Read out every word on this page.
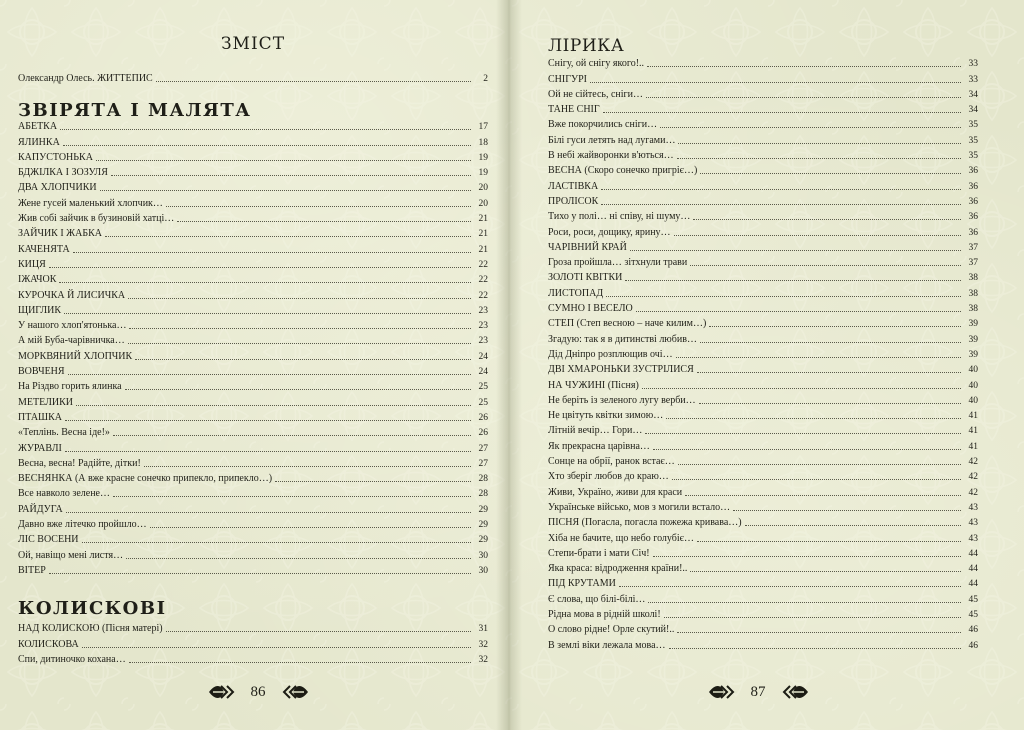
ЗМІСТ
Олександр Олесь. ЖИТТЕПИС	2
ЗВІРЯТА І МАЛЯТА
АБЕТКА	17
ЯЛИНКА	18
КАПУСТОНЬКА	19
БДЖІЛКА І ЗОЗУЛЯ	19
ДВА ХЛОПЧИКИ	20
Жене гусей маленький хлопчик…	20
Жив собі зайчик в бузиновій хатці…	21
ЗАЙЧИК І ЖАБКА	21
КАЧЕНЯТА	21
КИЦЯ	22
ІЖАЧОК	22
КУРОЧКА Й ЛИСИЧКА	22
ЩИГЛИК	23
У нашого хлоп'ятонька…	23
А мій Буба-чарівничка…	23
МОРКВЯНИЙ ХЛОПЧИК	24
ВОВЧЕНЯ	24
На Різдво горить ялинка	25
МЕТЕЛИКИ	25
ПТАШКА	26
«Теплінь. Весна іде!»	26
ЖУРАВЛІ	27
Весна, весна! Радійте, дітки!	27
ВЕСНЯНКА (А вже красне сонечко припекло, припекло…)	28
Все навколо зелене…	28
РАЙДУГА	29
Давно вже літечко пройшло…	29
ЛІС ВОСЕНИ	29
Ой, навіщо мені листя…	30
ВІТЕР	30
КОЛИСКОВІ
НАД КОЛИСКОЮ (Пісня матері)	31
КОЛИСКОВА	32
Спи, дитиночко кохана…	32
86
ЛІРИКА
Снігу, ой снігу якого!..	33
СНІГУРІ	33
Ой не сійтесь, сніги…	34
ТАНЕ СНІГ	34
Вже покорчились сніги…	35
Білі гуси летять над лугами…	35
В небі жайворонки в'ються…	35
ВЕСНА (Скоро сонечко пригріє…)	36
ЛАСТІВКА	36
ПРОЛІСОК	36
Тихо у полі… ні співу, ні шуму…	36
Роси, роси, дощику, ярину…	36
ЧАРІВНИЙ КРАЙ	37
Гроза пройшла… зітхнули трави	37
ЗОЛОТІ КВІТКИ	38
ЛИСТОПАД	38
СУМНО І ВЕСЕЛО	38
СТЕП (Степ весною – наче килим…)	39
Згадую: так я в дитинстві любив…	39
Дід Дніпро розплющив очі…	39
ДВІ ХМАРОНЬКИ ЗУСТРІЛИСЯ	40
НА ЧУЖИНІ (Пісня)	40
Не беріть із зеленого лугу верби…	40
Не цвітуть квітки зимою…	41
Літній вечір… Гори…	41
Як прекрасна царівна…	41
Сонце на обрії, ранок встає…	42
Хто зберіг любов до краю…	42
Живи, Україно, живи для краси	42
Українське військо, мов з могили встало…	43
ПІСНЯ (Погасла, погасла пожежа кривава…)	43
Хіба не бачите, що небо голубіє…	43
Степи-брати і мати Січ!	44
Яка краса: відродження країни!..	44
ПІД КРУТАМИ	44
Є слова, що білі-білі…	45
Рідна мова в рідній школі!	45
О слово рідне! Орле скутий!..	46
В землі віки лежала мова…	46
87
